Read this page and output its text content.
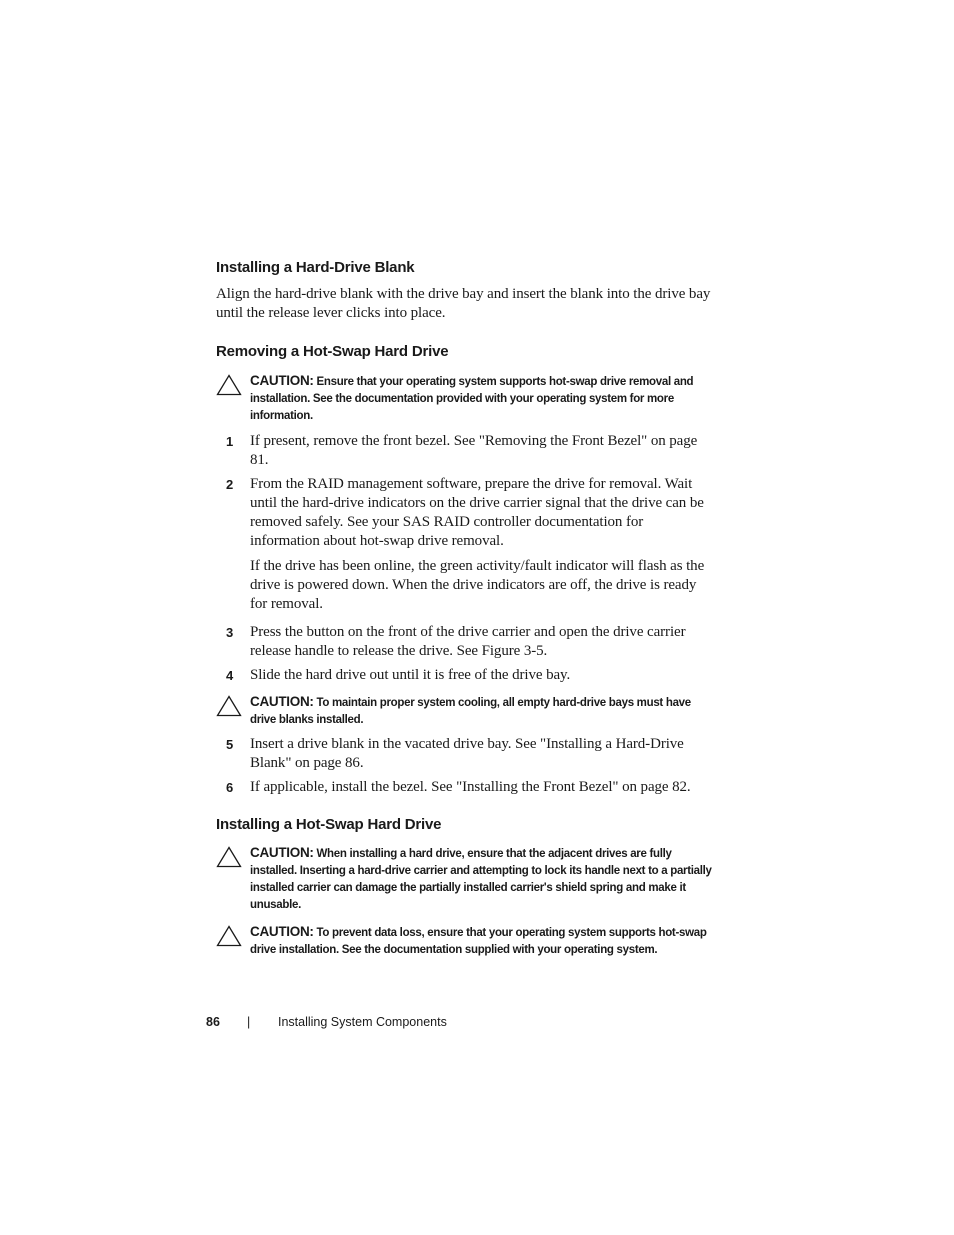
Installing a Hard-Drive Blank

Align the hard-drive blank with the drive bay and insert the blank into the drive bay until the release lever clicks into place.

Removing a Hot-Swap Hard Drive
CAUTION: Ensure that your operating system supports hot-swap drive removal and installation. See the documentation provided with your operating system for more information.
1 If present, remove the front bezel. See "Removing the Front Bezel" on page 81.

2 From the RAID management software, prepare the drive for removal. Wait until the hard-drive indicators on the drive carrier signal that the drive can be removed safely. See your SAS RAID controller documentation for information about hot-swap drive removal.

If the drive has been online, the green activity/fault indicator will flash as the drive is powered down. When the drive indicators are off, the drive is ready for removal.

3 Press the button on the front of the drive carrier and open the drive carrier release handle to release the drive. See Figure 3-5.

4 Slide the hard drive out until it is free of the drive bay.

CAUTION: To maintain proper system cooling, all empty hard-drive bays must have drive blanks installed.
5 Insert a drive blank in the vacated drive bay. See "Installing a Hard-Drive Blank" on page 86.

6 If applicable, install the bezel. See "Installing the Front Bezel" on page 82.

Installing a Hot-Swap Hard Drive
CAUTION: When installing a hard drive, ensure that the adjacent drives are fully installed. Inserting a hard-drive carrier and attempting to lock its handle next to a partially installed carrier can damage the partially installed carrier's shield spring and make it unusable.
CAUTION: To prevent data loss, ensure that your operating system supports hot-swap drive installation. See the documentation supplied with your operating system.
86 | Installing System Components
